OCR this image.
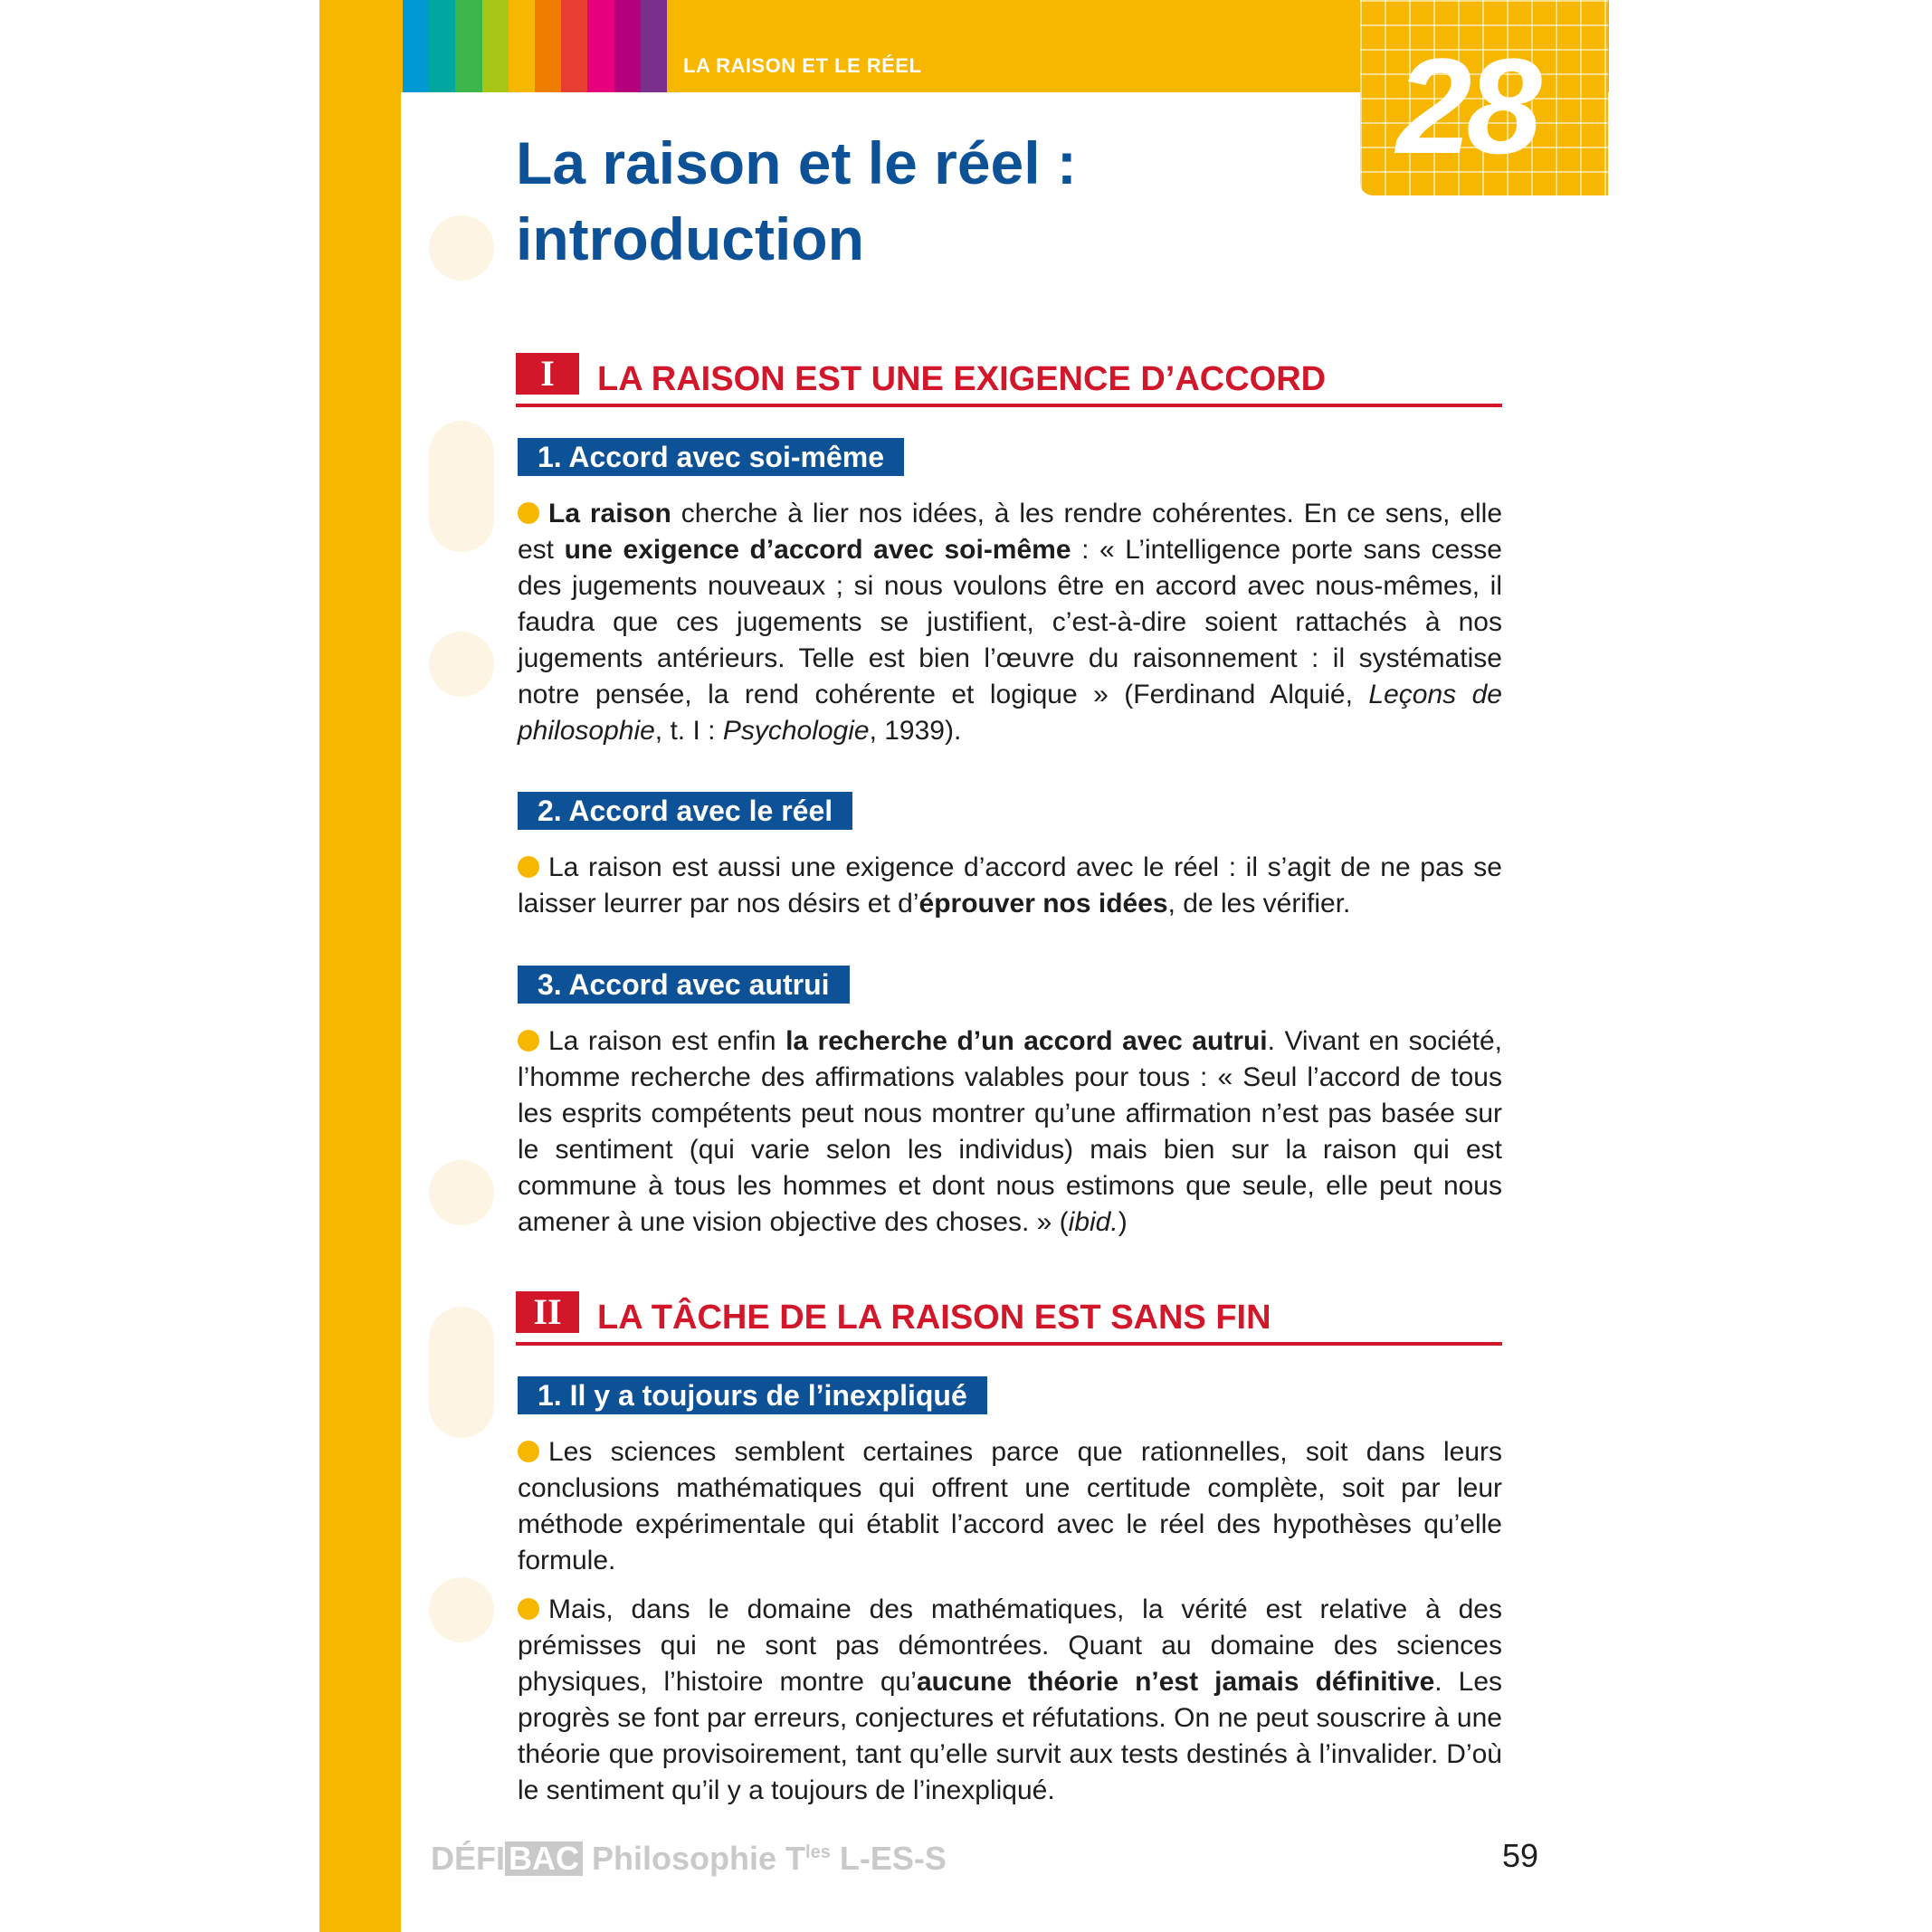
LA RAISON ET LE RÉEL	28
La raison et le réel :
introduction
I	LA RAISON EST UNE EXIGENCE D’ACCORD
1. Accord avec soi-même

La raison cherche à lier nos idées, à les rendre cohérentes. En ce sens, elle est une exigence d’accord avec soi-même : « L’intelligence porte sans cesse des jugements nouveaux ; si nous voulons être en accord avec nous-mêmes, il faudra que ces jugements se justifient, c’est-à-dire soient rattachés à nos jugements antérieurs. Telle est bien l’œuvre du raisonnement : il systématise notre pensée, la rend cohérente et logique » (Ferdinand Alquié, Leçons de philosophie, t. I : Psychologie, 1939).

2. Accord avec le réel

La raison est aussi une exigence d’accord avec le réel : il s’agit de ne pas se laisser leurrer par nos désirs et d’éprouver nos idées, de les vérifier.

3. Accord avec autrui

La raison est enfin la recherche d’un accord avec autrui. Vivant en société, l’homme recherche des affirmations valables pour tous : « Seul l’accord de tous les esprits compétents peut nous montrer qu’une affirmation n’est pas basée sur le sentiment (qui varie selon les individus) mais bien sur la raison qui est commune à tous les hommes et dont nous estimons que seule, elle peut nous amener à une vision objective des choses. » (ibid.)

II	LA TÂCHE DE LA RAISON EST SANS FIN
1. Il y a toujours de l’inexpliqué

Les sciences semblent certaines parce que rationnelles, soit dans leurs conclusions mathématiques qui offrent une certitude complète, soit par leur méthode expérimentale qui établit l’accord avec le réel des hypothèses qu’elle formule.

Mais, dans le domaine des mathématiques, la vérité est relative à des prémisses qui ne sont pas démontrées. Quant au domaine des sciences physiques, l’histoire montre qu’aucune théorie n’est jamais définitive. Les progrès se font par erreurs, conjectures et réfutations. On ne peut souscrire à une théorie que provisoirement, tant qu’elle survit aux tests destinés à l’invalider. D’où le sentiment qu’il y a toujours de l’inexpliqué.

DÉFI BAC Philosophie $T^{les}$ L-ES-S	59
